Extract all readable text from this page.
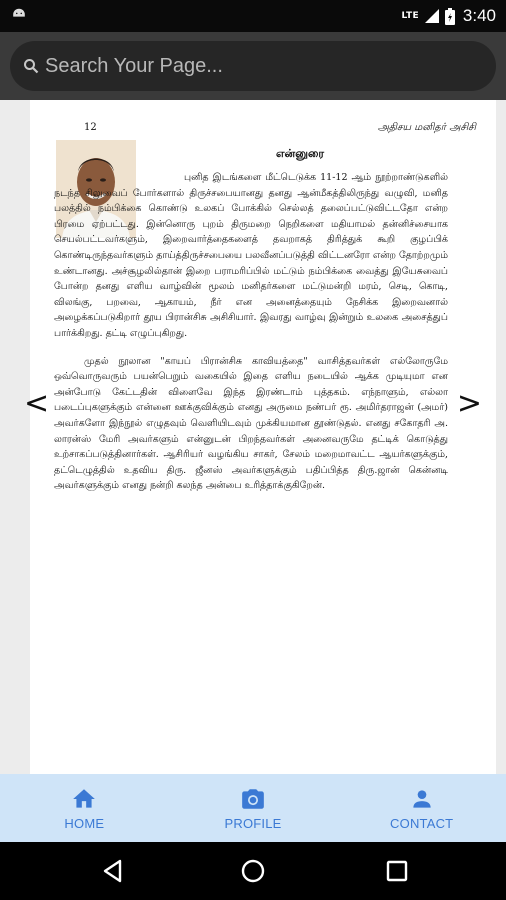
LTE	3:40
Search Your Page...
12	அதிசய மனிதர் அசிசி
என்னுரை

புனித இடங்களை மீட்டெடுக்க 11-12 ஆம் நூற்றாண்டுகளில் நடந்த சிலுவைப் போர்களால் திருச்சபையானது தனது ஆன்மீகத்திலிருந்து வழுவி, மனித பலத்தில் நம்பிக்கை கொண்டு உலகப் போக்கில் செல்லத் தலைப்பட்டுவிட்டதோ என்ற பிரமை ஏற்பட்டது. இன்னொரு புறம் திருமறை நெறிகளை மதியாமல் தன்னிச்சையாக செயல்பட்டவர்களும், இறைவார்த்தைகளைத் தவறாகத் திரித்துக் கூறி குழப்பிக் கொண்டிருந்தவர்களும் தாய்த்திருச்சபையை பலவீனப்படுத்தி விட்டனரோ என்ற தோற்றமும் உண்டானது. அச்சூழலில்தான் இறை பராமரிப்பில் மட்டும் நம்பிக்கை வைத்து இயேசுவைப் போன்ற தனது எளிய வாழ்வின் மூலம் மனிதர்களை மட்டுமன்றி மரம், செடி, கொடி, விலங்கு, பறவை, ஆகாயம், நீர் என அனைத்தையும் நேசிக்க இறைவனால் அழைக்கப்படுகிறார் தூய பிரான்சிசு அசிசியார். இவரது வாழ்வு இன்றும் உலகை அசைத்துப் பார்க்கிறது. தட்டி எழுப்புகிறது.

முதல் நூலான "காயப் பிரான்சிசு காவியத்தை" வாசித்தவர்கள் எல்லோருமே ஒவ்வொருவரும் பயன்பெறும் வகையில் இதை எளிய நடையில் ஆக்க முடியுமா என அன்போடு கேட்டதின் விளைவே இந்த இரண்டாம் புத்தகம். எந்நாளும், எல்லா படைப்புகளுக்கும் என்னை ஊக்குவிக்கும் எனது அருமை நண்பர் ரூ. அமிர்தராஜன் (அமர்) அவர்களோ இந்நூல் எழுதவும் வெளியிடவும் முக்கியமான தூண்டுதல். எனது சகோதரி அ. லாரன்ஸ் மேரி அவர்களும் என்னுடன் பிறந்தவர்கள் அனைவருமே தட்டிக் கொடுத்து உற்சாகப்படுத்தினார்கள். ஆசிரியர் வழங்கிய சாகர், சேலம் மறைமாவட்ட ஆயர்களுக்கும், தட்டெழுத்தில் உதவிய திரு. ஜீனஸ் அவர்களுக்கும் பதிப்பித்த திரு.ஜான் கென்னடி அவர்களுக்கும் எனது நன்றி கலந்த அன்பை உரித்தாக்குகிறேன்.

<	>
HOME	PROFILE	CONTACT
